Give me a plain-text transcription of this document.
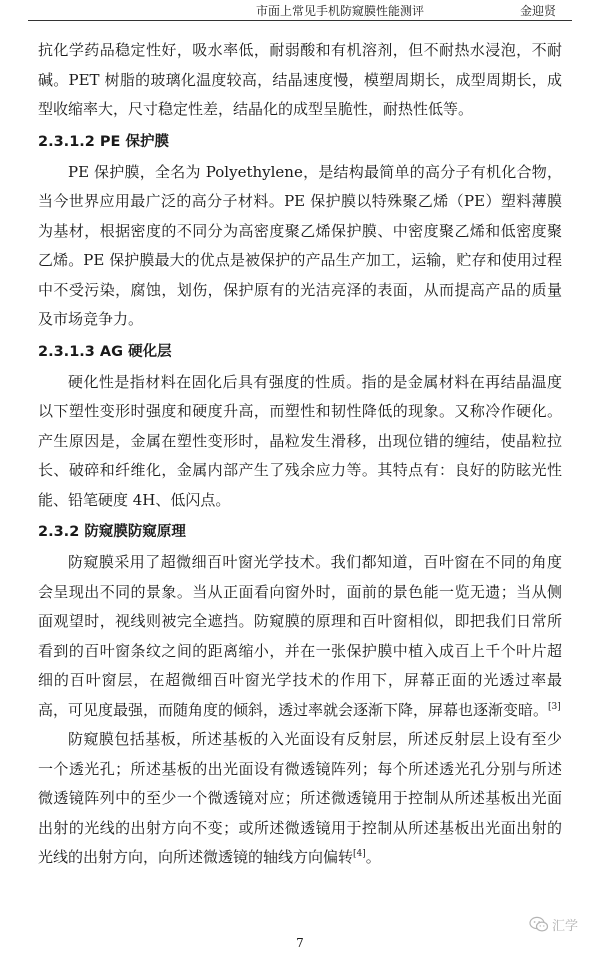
市面上常见手机防窥膜性能测评	金迎贤

抗化学药品稳定性好，吸水率低，耐弱酸和有机溶剂，但不耐热水浸泡，不耐碱。PET 树脂的玻璃化温度较高，结晶速度慢，模塑周期长，成型周期长，成型收缩率大，尺寸稳定性差，结晶化的成型呈脆性，耐热性低等。

2.3.1.2 PE 保护膜

PE 保护膜，全名为 Polyethylene，是结构最简单的高分子有机化合物，当今世界应用最广泛的高分子材料。PE 保护膜以特殊聚乙烯（PE）塑料薄膜为基材，根据密度的不同分为高密度聚乙烯保护膜、中密度聚乙烯和低密度聚乙烯。PE 保护膜最大的优点是被保护的产品生产加工，运输，贮存和使用过程中不受污染，腐蚀，划伤，保护原有的光洁亮泽的表面，从而提高产品的质量及市场竞争力。

2.3.1.3 AG 硬化层

硬化性是指材料在固化后具有强度的性质。指的是金属材料在再结晶温度以下塑性变形时强度和硬度升高，而塑性和韧性降低的现象。又称冷作硬化。产生原因是，金属在塑性变形时，晶粒发生滑移，出现位错的缠结，使晶粒拉长、破碎和纤维化，金属内部产生了残余应力等。其特点有：良好的防眩光性能、铅笔硬度 4H、低闪点。

2.3.2 防窥膜防窥原理

防窥膜采用了超微细百叶窗光学技术。我们都知道，百叶窗在不同的角度会呈现出不同的景象。当从正面看向窗外时，面前的景色能一览无遗；当从侧面观望时，视线则被完全遮挡。防窥膜的原理和百叶窗相似，即把我们日常所看到的百叶窗条纹之间的距离缩小，并在一张保护膜中植入成百上千个叶片超细的百叶窗层，在超微细百叶窗光学技术的作用下，屏幕正面的光透过率最高，可见度最强，而随角度的倾斜，透过率就会逐渐下降，屏幕也逐渐变暗。[3]

防窥膜包括基板，所述基板的入光面设有反射层，所述反射层上设有至少一个透光孔；所述基板的出光面设有微透镜阵列；每个所述透光孔分别与所述微透镜阵列中的至少一个微透镜对应；所述微透镜用于控制从所述基板出光面出射的光线的出射方向不变；或所述微透镜用于控制从所述基板出光面出射的光线的出射方向，向所述微透镜的轴线方向偏转[4]。

汇学
7
